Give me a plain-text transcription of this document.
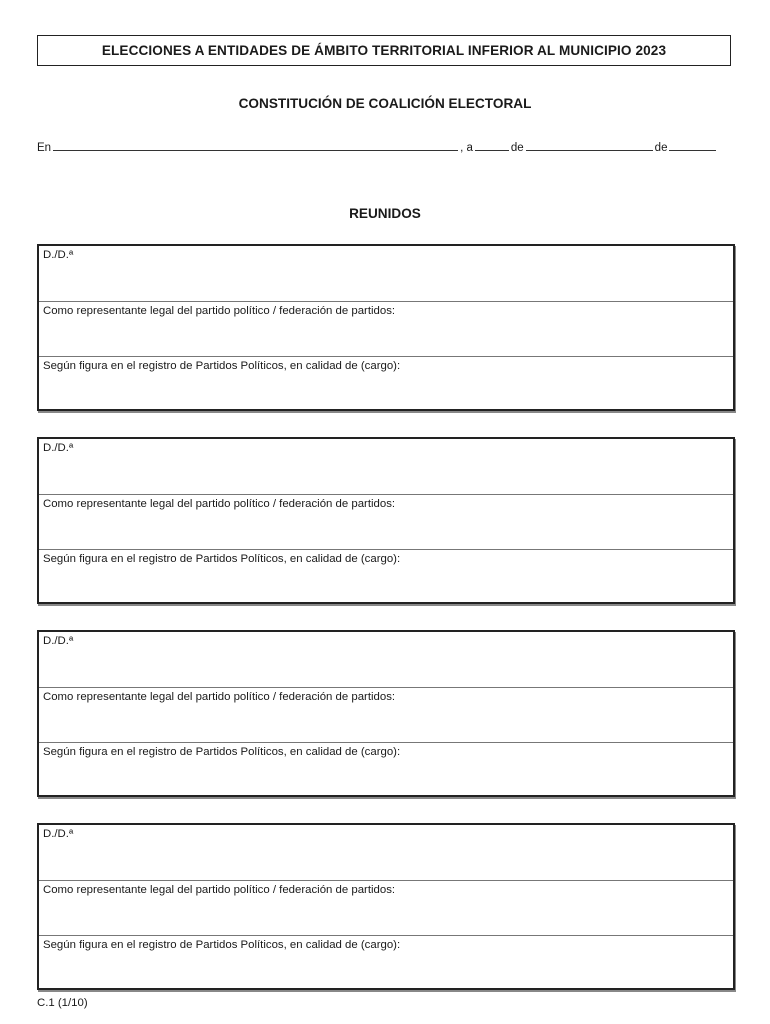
ELECCIONES A ENTIDADES DE ÁMBITO TERRITORIAL INFERIOR AL MUNICIPIO 2023
CONSTITUCIÓN DE COALICIÓN ELECTORAL
En	, a	de	de
REUNIDOS
D./D.ª
Como representante legal del partido político / federación de partidos:
Según figura en el registro de Partidos Políticos, en calidad de (cargo):
D./D.ª
Como representante legal del partido político / federación de partidos:
Según figura en el registro de Partidos Políticos, en calidad de (cargo):
D./D.ª
Como representante legal del partido político / federación de partidos:
Según figura en el registro de Partidos Políticos, en calidad de (cargo):
D./D.ª
Como representante legal del partido político / federación de partidos:
Según figura en el registro de Partidos Políticos, en calidad de (cargo):
C.1 (1/10)
